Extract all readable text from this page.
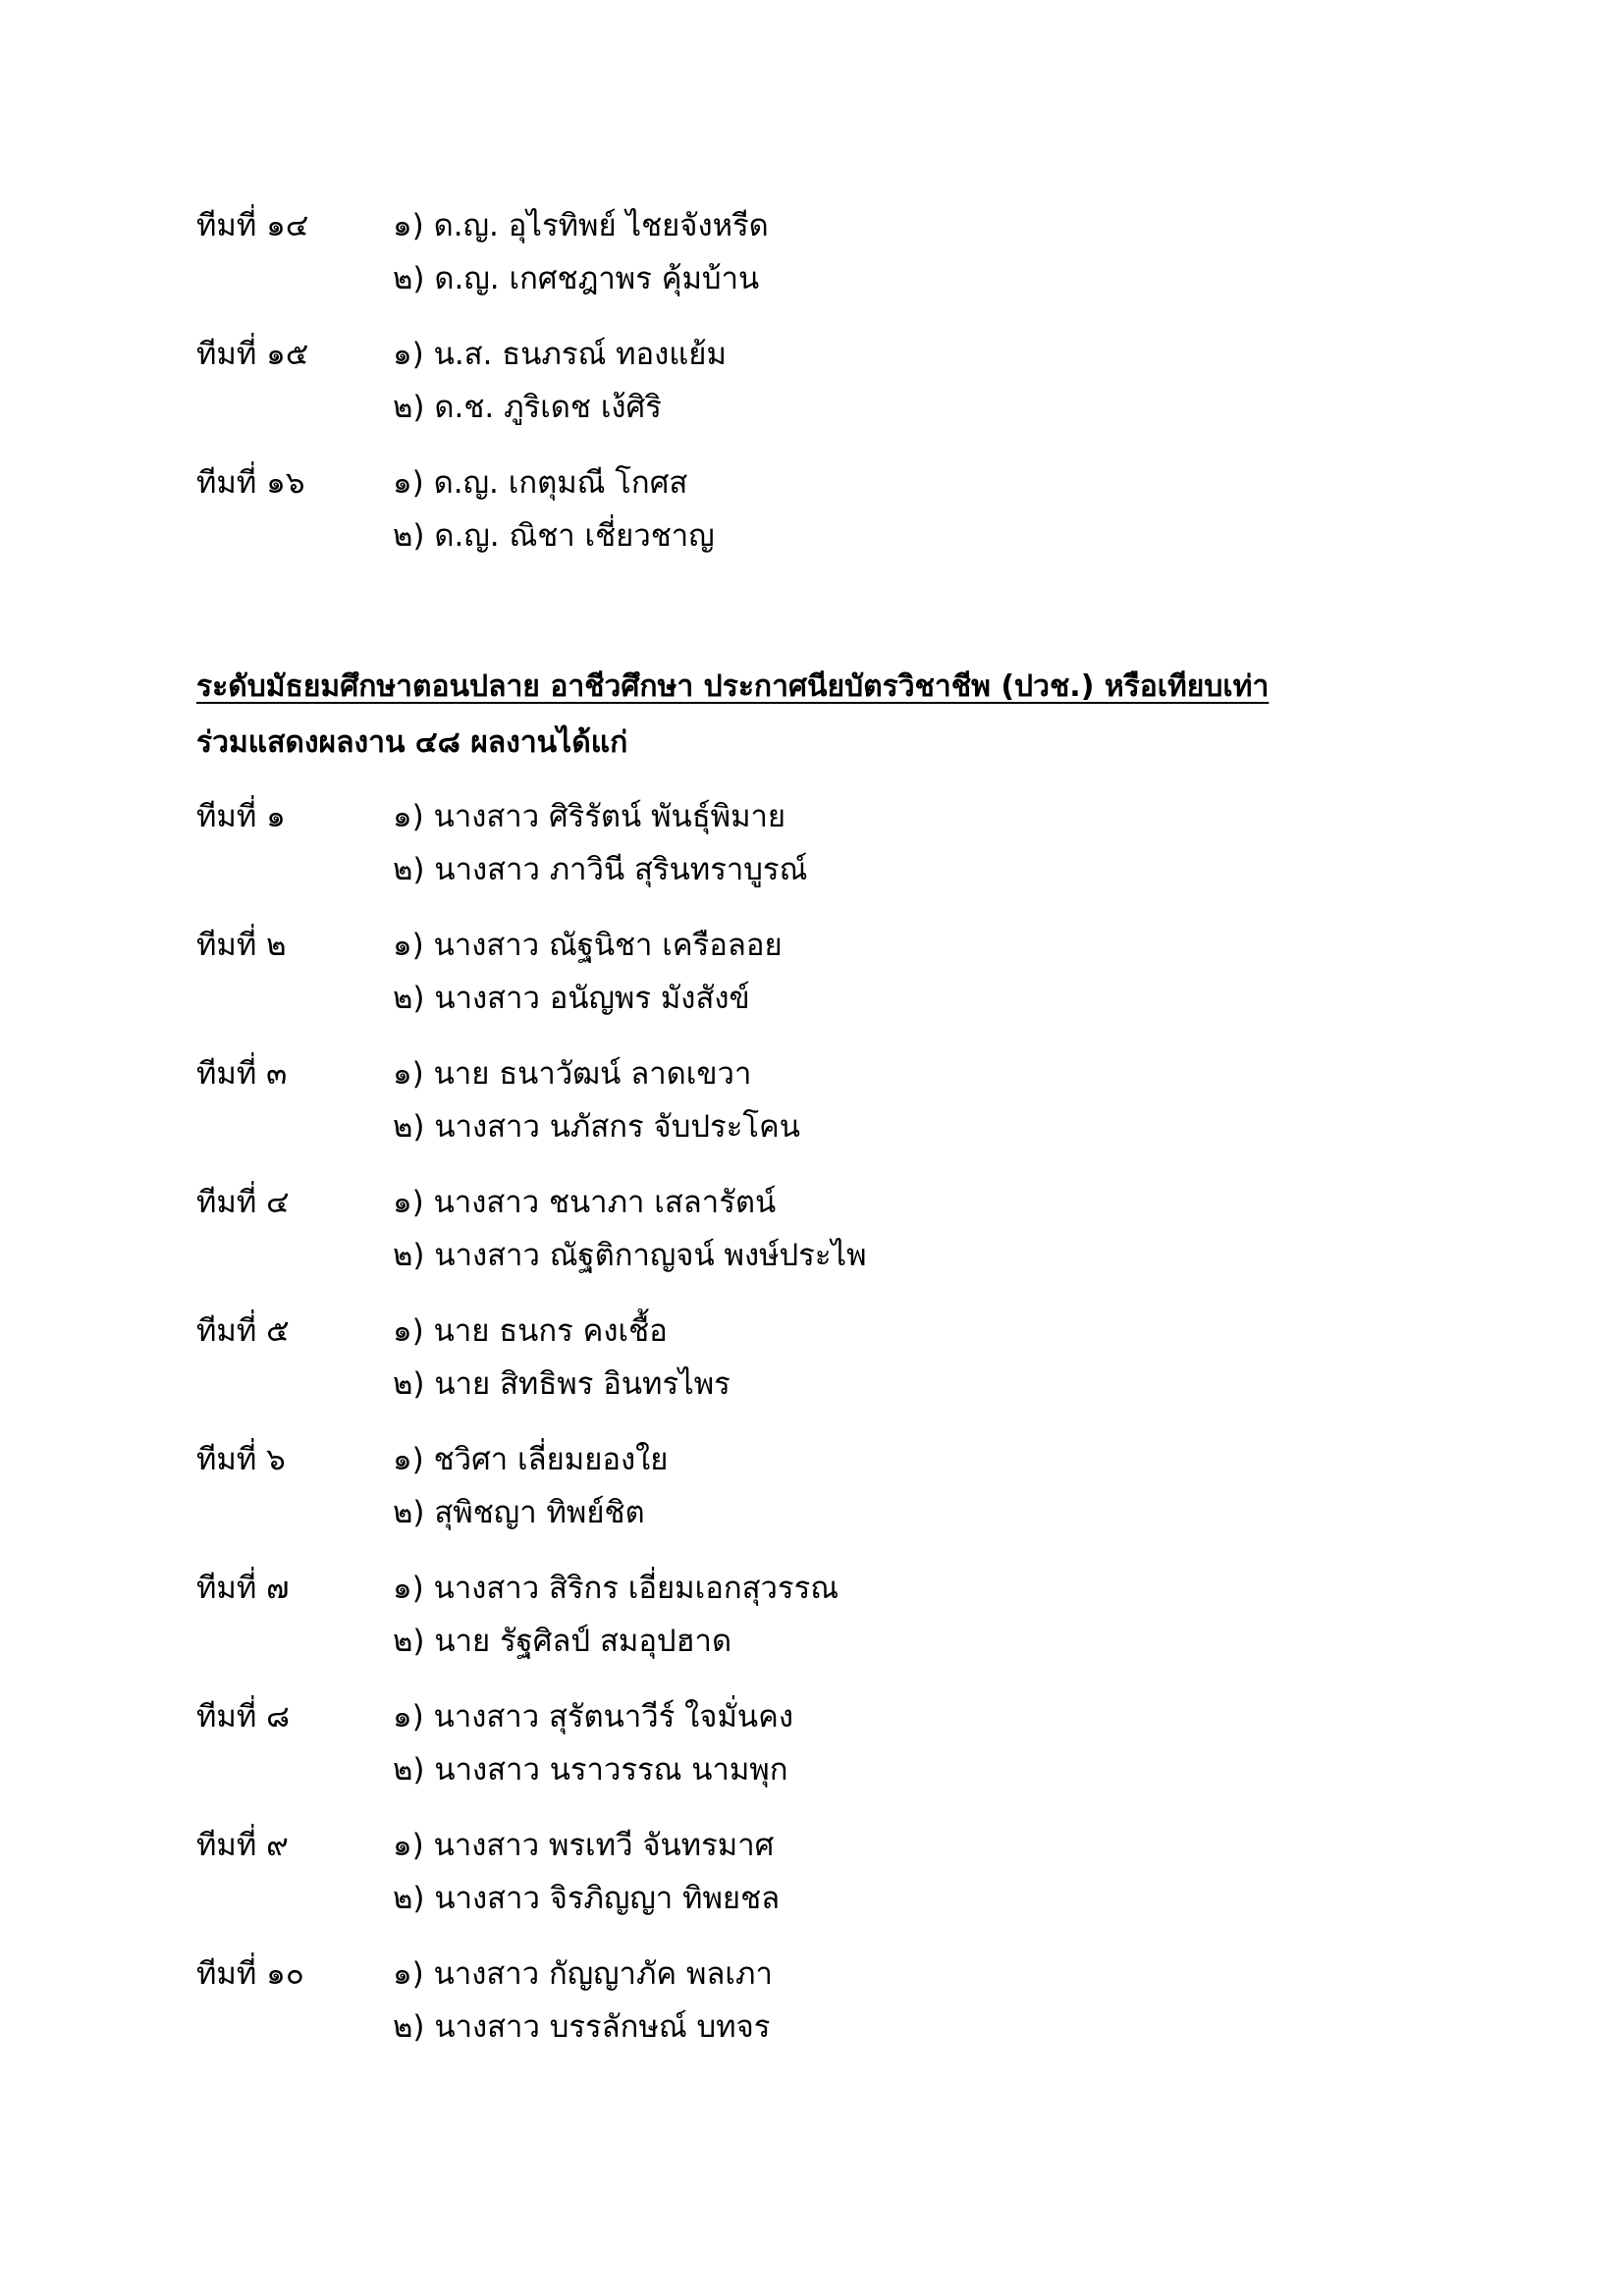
ทีมที่ ๑๔	๑) ด.ญ. อุไรทิพย์ ไชยจังหรีด
๒) ด.ญ. เกศชฎาพร คุ้มบ้าน
ทีมที่ ๑๕	๑) น.ส. ธนภรณ์ ทองแย้ม
๒) ด.ช. ภูริเดช เง้ศิริ
ทีมที่ ๑๖	๑) ด.ญ. เกตุมณี โกศส
๒) ด.ญ. ณิชา เชี่ยวชาญ
ระดับมัธยมศึกษาตอนปลาย อาชีวศึกษา ประกาศนียบัตรวิชาชีพ (ปวช.) หรือเทียบเท่า
ร่วมแสดงผลงาน ๔๘ ผลงานได้แก่
ทีมที่ ๑	๑) นางสาว ศิริรัตน์ พันธุ์พิมาย
๒) นางสาว ภาวินี สุรินทราบูรณ์
ทีมที่ ๒	๑) นางสาว ณัฐนิชา เครือลอย
๒) นางสาว อนัญพร มังสังข์
ทีมที่ ๓	๑) นาย ธนาวัฒน์ ลาดเขวา
๒) นางสาว นภัสกร จับประโคน
ทีมที่ ๔	๑) นางสาว ชนาภา เสลารัตน์
๒) นางสาว ณัฐติกาญจน์ พงษ์ประไพ
ทีมที่ ๕	๑) นาย ธนกร คงเชื้อ
๒) นาย สิทธิพร อินทรไพร
ทีมที่ ๖	๑) ชวิศา เลี่ยมยองใย
๒) สุพิชญา ทิพย์ชิต
ทีมที่ ๗	๑) นางสาว สิริกร เอี่ยมเอกสุวรรณ
๒) นาย รัฐศิลป์ สมอุปฮาด
ทีมที่ ๘	๑) นางสาว สุรัตนาวีร์ ใจมั่นคง
๒) นางสาว นราวรรณ นามพุก
ทีมที่ ๙	๑) นางสาว พรเทวี จันทรมาศ
๒) นางสาว จิรภิญญา ทิพยชล
ทีมที่ ๑๐	๑) นางสาว กัญญาภัค พลเภา
๒) นางสาว บรรลักษณ์ บทจร
